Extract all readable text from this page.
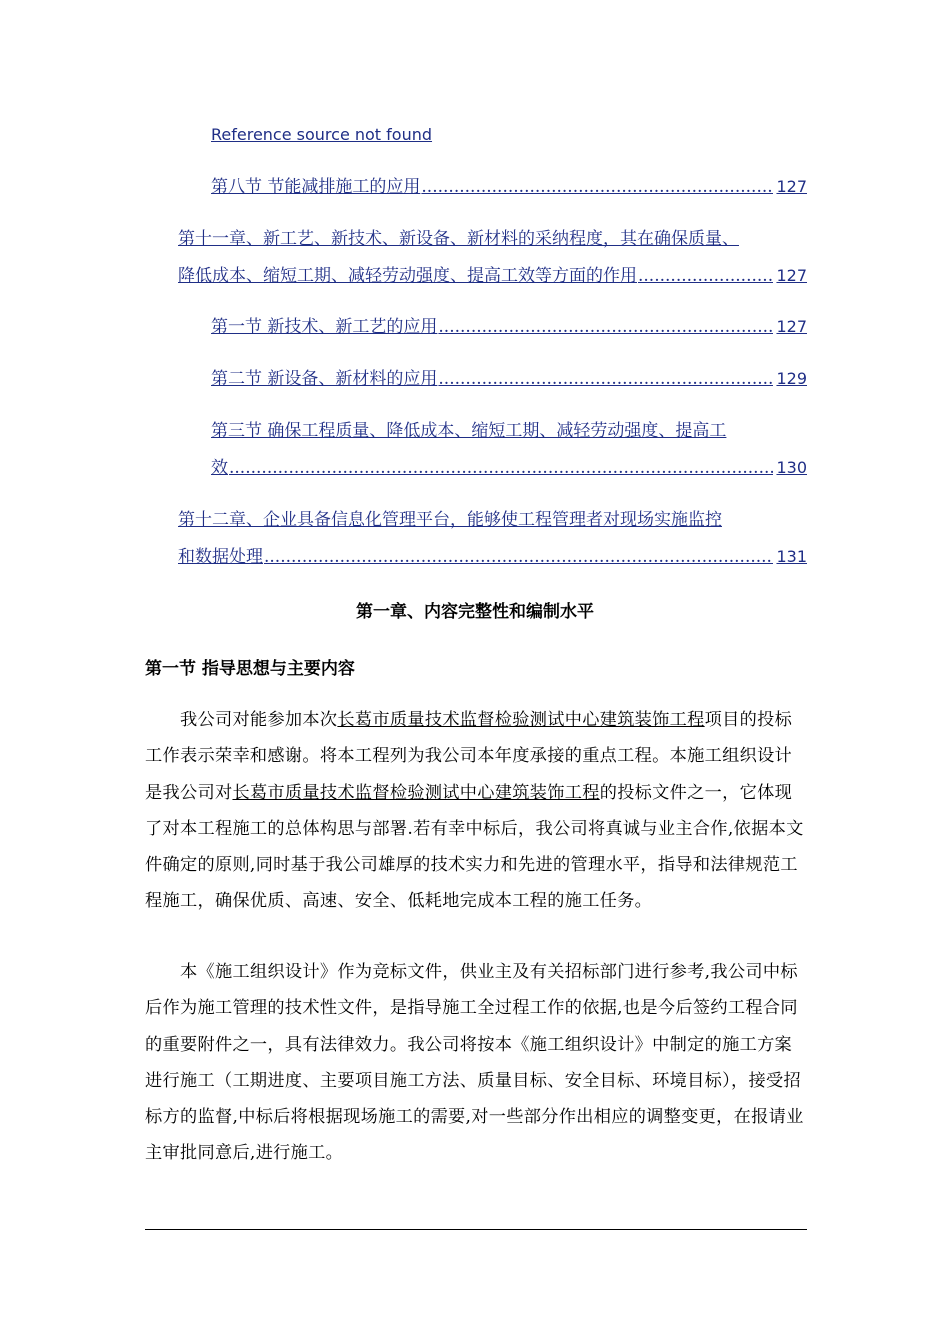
Reference source not found
第八节 节能减排施工的应用 .....	127
第十一章、新工艺、新技术、新设备、新材料的采纳程度，其在确保质量、
降低成本、缩短工期、减轻劳动强度、提高工效等方面的作用 .....	127
第一节 新技术、新工艺的应用 .....	127
第二节 新设备、新材料的应用 .....	129
第三节 确保工程质量、降低成本、缩短工期、减轻劳动强度、提高工
效 .....	130
第十二章、企业具备信息化管理平台，能够使工程管理者对现场实施监控
和数据处理 .....	131
第一章、内容完整性和编制水平
第一节 指导思想与主要内容
我公司对能参加本次长葛市质量技术监督检验测试中心建筑装饰工程项目的投标工作表示荣幸和感谢。将本工程列为我公司本年度承接的重点工程。本施工组织设计是我公司对长葛市质量技术监督检验测试中心建筑装饰工程的投标文件之一，它体现了对本工程施工的总体构思与部署.若有幸中标后，我公司将真诚与业主合作,依据本文件确定的原则,同时基于我公司雄厚的技术实力和先进的管理水平，指导和法律规范工程施工，确保优质、高速、安全、低耗地完成本工程的施工任务。
本《施工组织设计》作为竞标文件，供业主及有关招标部门进行参考,我公司中标后作为施工管理的技术性文件，是指导施工全过程工作的依据,也是今后签约工程合同的重要附件之一，具有法律效力。我公司将按本《施工组织设计》中制定的施工方案进行施工（工期进度、主要项目施工方法、质量目标、安全目标、环境目标），接受招标方的监督,中标后将根据现场施工的需要,对一些部分作出相应的调整变更，在报请业主审批同意后,进行施工。
